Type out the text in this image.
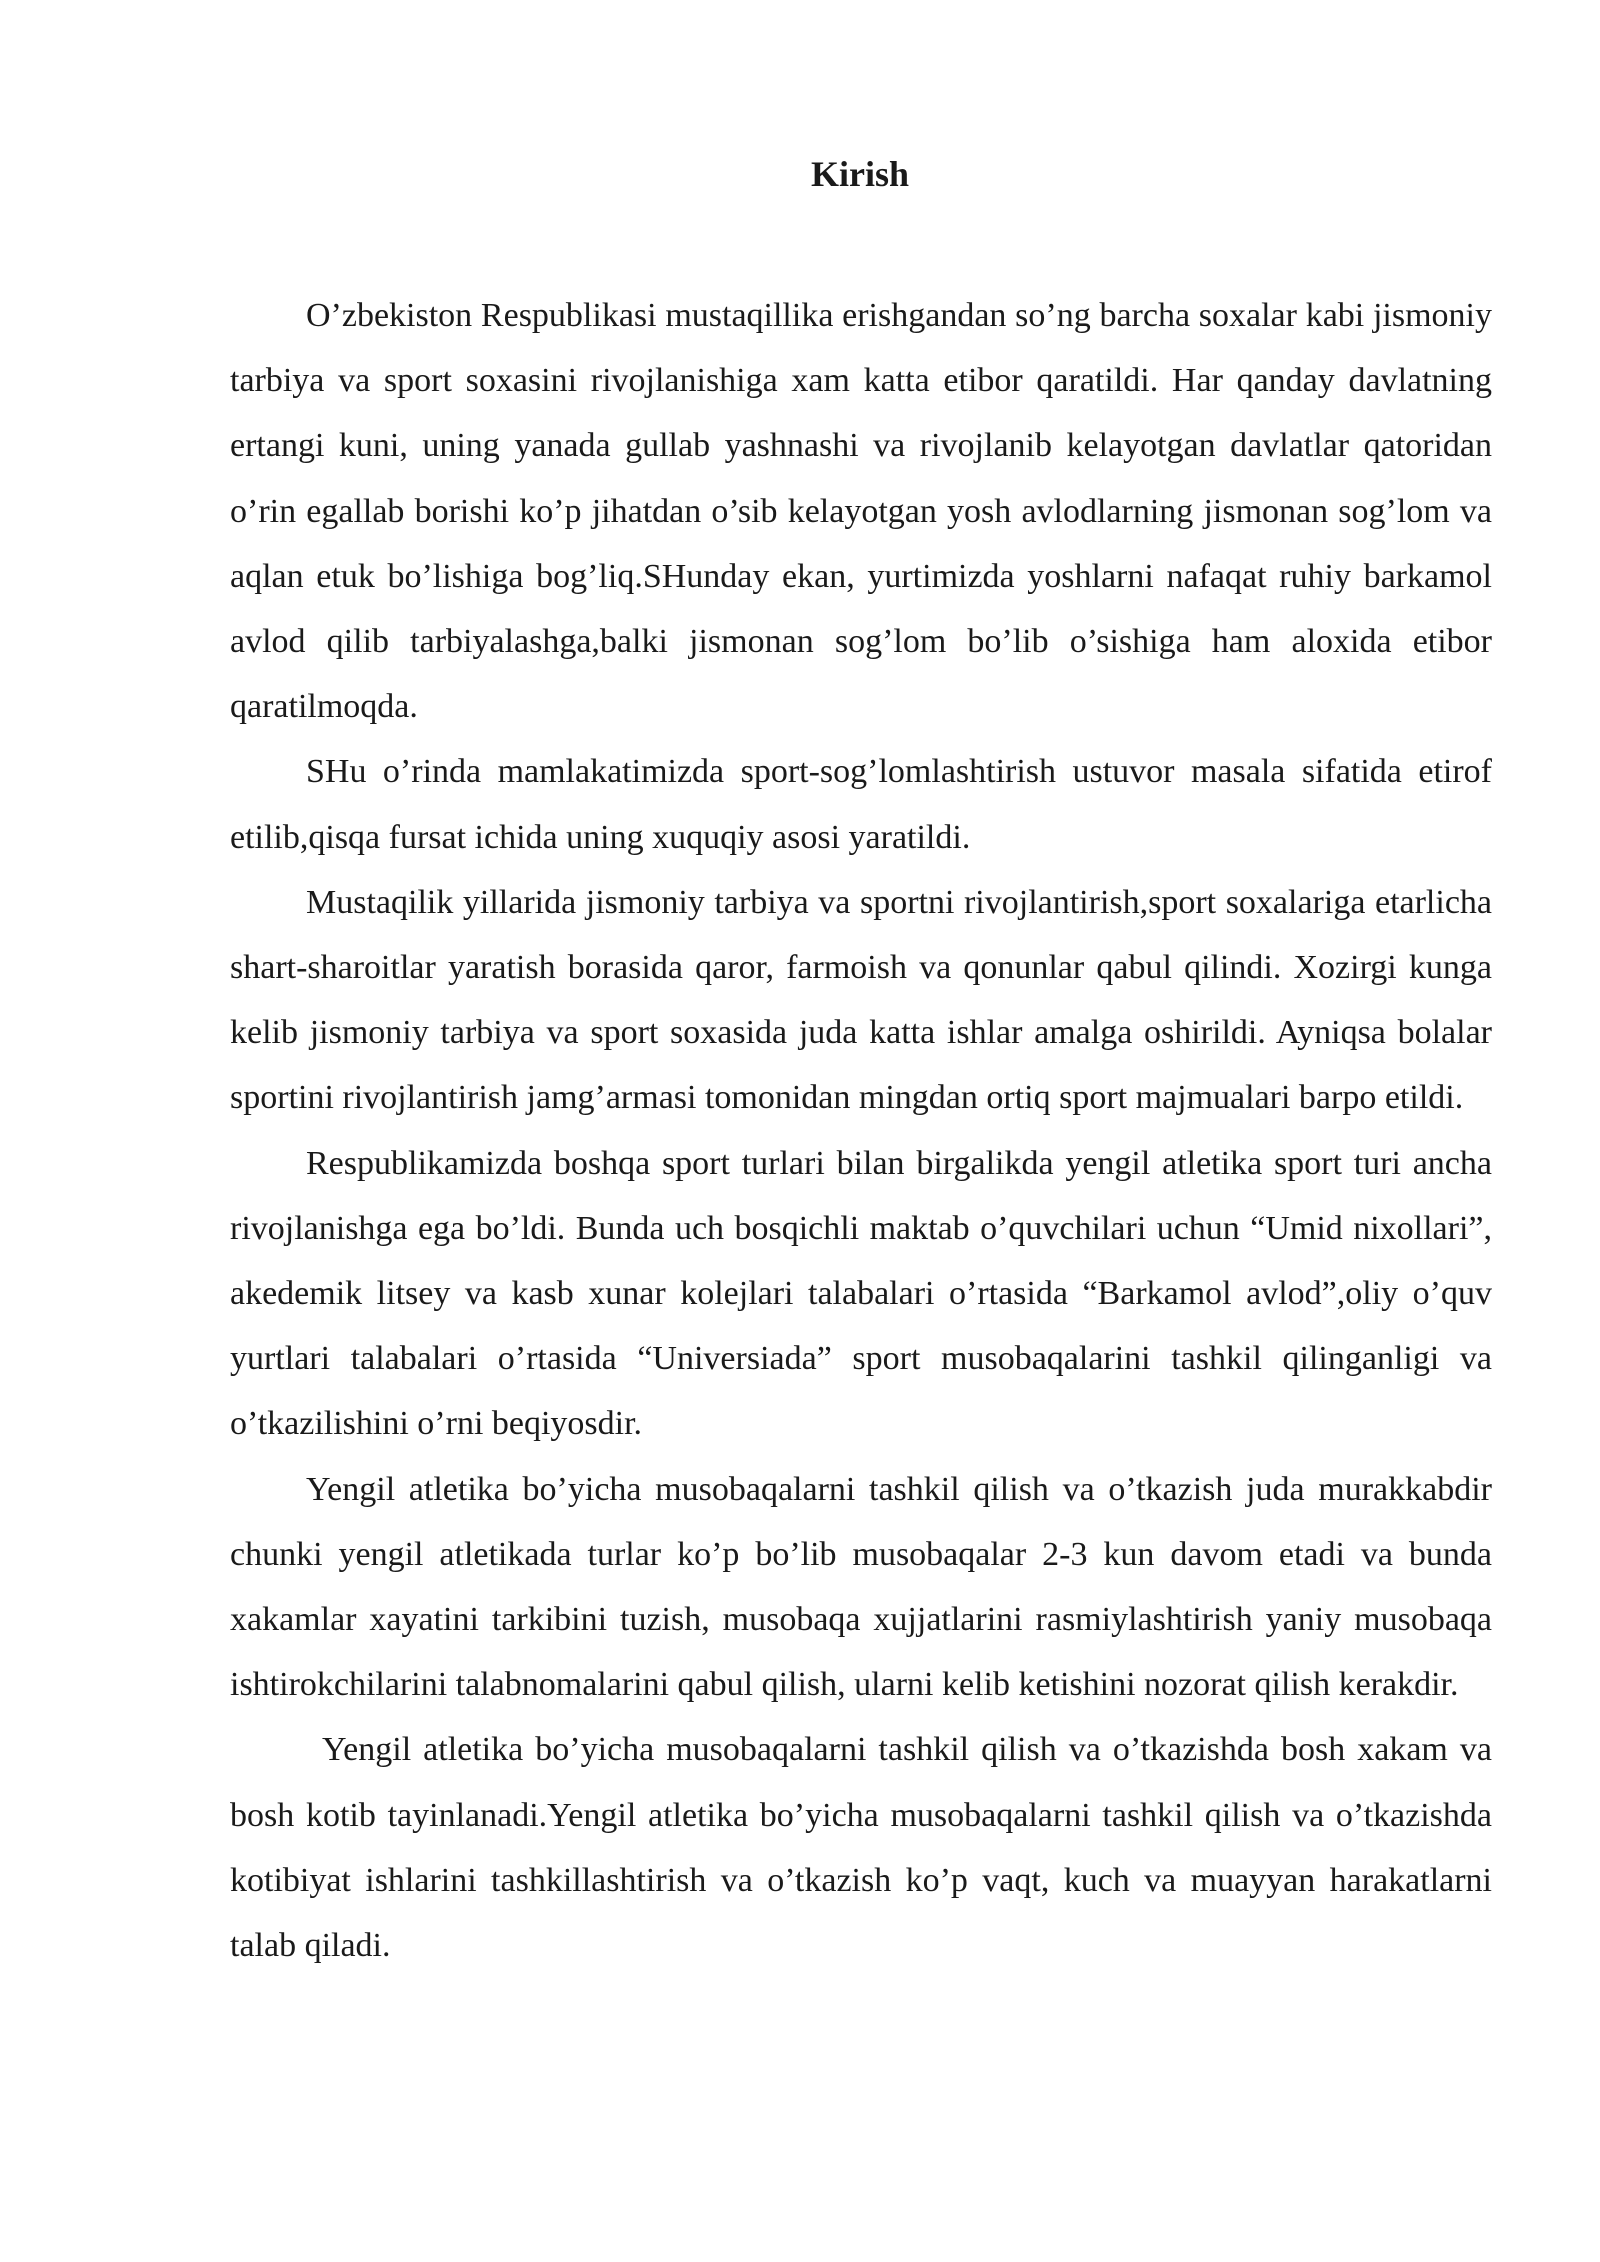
Kirish

O’zbekiston Respublikasi mustaqillika erishgandan so’ng barcha soxalar kabi jismoniy tarbiya va sport soxasini rivojlanishiga xam katta etibor qaratildi. Har qanday davlatning ertangi kuni, uning yanada gullab yashnashi va rivojlanib kelayotgan davlatlar qatoridan o’rin egallab borishi ko’p jihatdan o’sib kelayotgan yosh avlodlarning jismonan sog’lom va aqlan etuk bo’lishiga bog’liq.SHunday ekan, yurtimizda yoshlarni nafaqat ruhiy barkamol avlod qilib tarbiyalashga,balki jismonan sog’lom bo’lib o’sishiga ham aloxida etibor qaratilmoqda.

SHu o’rinda mamlakatimizda sport-sog’lomlashtirish ustuvor masala sifatida etirof etilib,qisqa fursat ichida uning xuquqiy asosi yaratildi.

Mustaqilik yillarida jismoniy tarbiya va sportni rivojlantirish,sport soxalariga etarlicha shart-sharoitlar yaratish borasida qaror, farmoish va qonunlar qabul qilindi. Xozirgi kunga kelib jismoniy tarbiya va sport soxasida juda katta ishlar amalga oshirildi. Ayniqsa bolalar sportini rivojlantirish jamg’armasi tomonidan mingdan ortiq sport majmualari barpo etildi.

Respublikamizda boshqa sport turlari bilan birgalikda yengil atletika sport turi ancha rivojlanishga ega bo’ldi. Bunda uch bosqichli maktab o’quvchilari uchun “Umid nixollari”, akedemik litsey va kasb xunar kolejlari talabalari o’rtasida “Barkamol avlod”,oliy o’quv yurtlari talabalari o’rtasida “Universiada” sport musobaqalarini tashkil qilinganligi va o’tkazilishini o’rni beqiyosdir.

Yengil atletika bo’yicha musobaqalarni tashkil qilish va o’tkazish juda murakkabdir chunki yengil atletikada turlar ko’p bo’lib musobaqalar 2-3 kun davom etadi va bunda xakamlar xayatini tarkibini tuzish, musobaqa xujjatlarini rasmiylashtirish yaniy musobaqa ishtirokchilarini talabnomalarini qabul qilish, ularni kelib ketishini nozorat qilish kerakdir.

Yengil atletika bo’yicha musobaqalarni tashkil qilish va o’tkazishda bosh xakam va bosh kotib tayinlanadi.Yengil atletika bo’yicha musobaqalarni tashkil qilish va o’tkazishda kotibiyat ishlarini tashkillashtirish va o’tkazish ko’p vaqt, kuch va muayyan harakatlarni talab qiladi.
